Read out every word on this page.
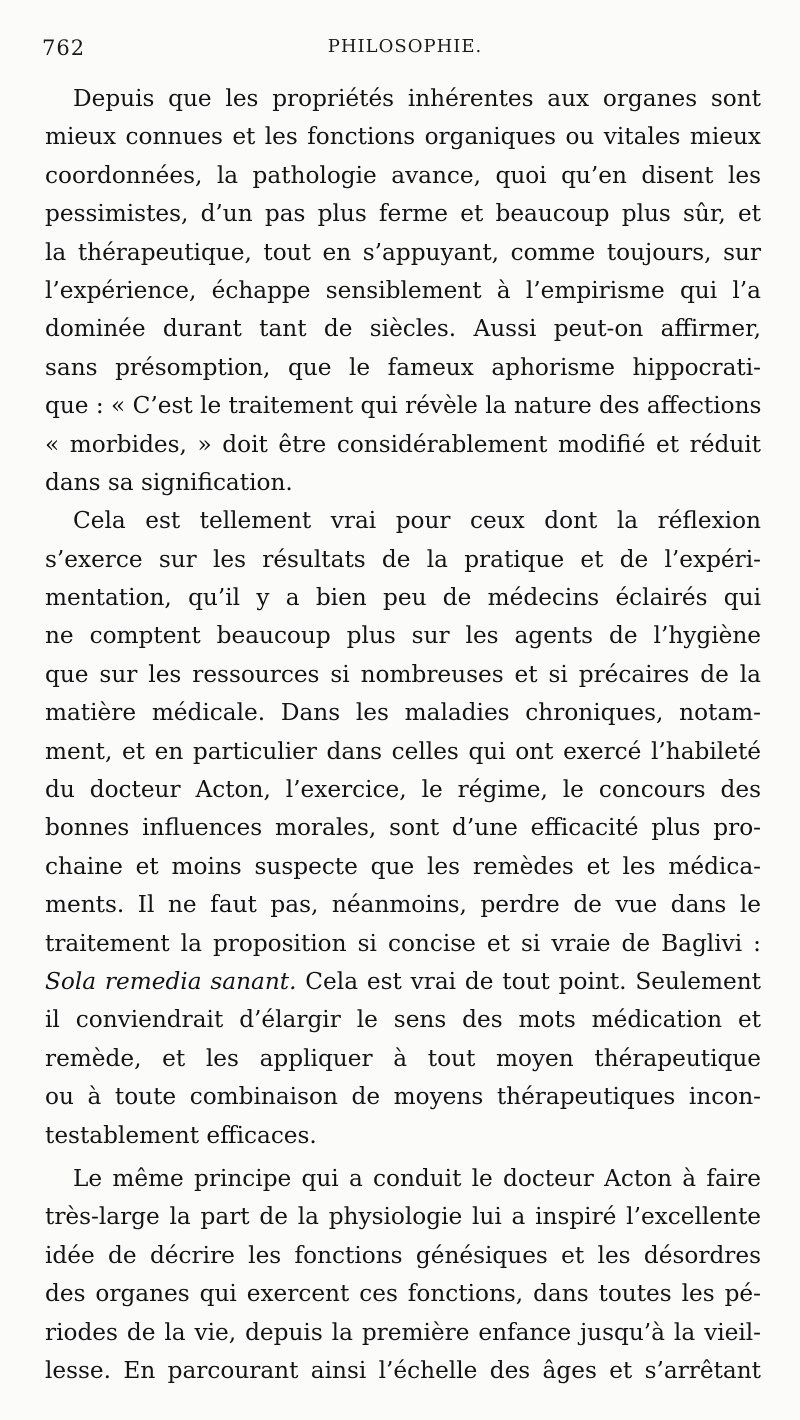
762	PHILOSOPHIE.
Depuis que les propriétés inhérentes aux organes sont
mieux connues et les fonctions organiques ou vitales mieux
coordonnées, la pathologie avance, quoi qu’en disent les
pessimistes, d’un pas plus ferme et beaucoup plus sûr, et
la thérapeutique, tout en s’appuyant, comme toujours, sur
l’expérience, échappe sensiblement à l’empirisme qui l’a
dominée durant tant de siècles. Aussi peut-on affirmer,
sans présomption, que le fameux aphorisme hippocrati-
que : « C’est le traitement qui révèle la nature des affections
« morbides, » doit être considérablement modifié et réduit
dans sa signification.
Cela est tellement vrai pour ceux dont la réflexion
s’exerce sur les résultats de la pratique et de l’expéri-
mentation, qu’il y a bien peu de médecins éclairés qui
ne comptent beaucoup plus sur les agents de l’hygiène
que sur les ressources si nombreuses et si précaires de la
matière médicale. Dans les maladies chroniques, notam-
ment, et en particulier dans celles qui ont exercé l’habileté
du docteur Acton, l’exercice, le régime, le concours des
bonnes influences morales, sont d’une efficacité plus pro-
chaine et moins suspecte que les remèdes et les médica-
ments. Il ne faut pas, néanmoins, perdre de vue dans le
traitement la proposition si concise et si vraie de Baglivi :
Sola remedia sanant. Cela est vrai de tout point. Seulement
il conviendrait d’élargir le sens des mots médication et
remède, et les appliquer à tout moyen thérapeutique
ou à toute combinaison de moyens thérapeutiques incon-
testablement efficaces.
Le même principe qui a conduit le docteur Acton à faire
très-large la part de la physiologie lui a inspiré l’excellente
idée de décrire les fonctions génésiques et les désordres
des organes qui exercent ces fonctions, dans toutes les pé-
riodes de la vie, depuis la première enfance jusqu’à la vieil-
lesse. En parcourant ainsi l’échelle des âges et s’arrêtant
